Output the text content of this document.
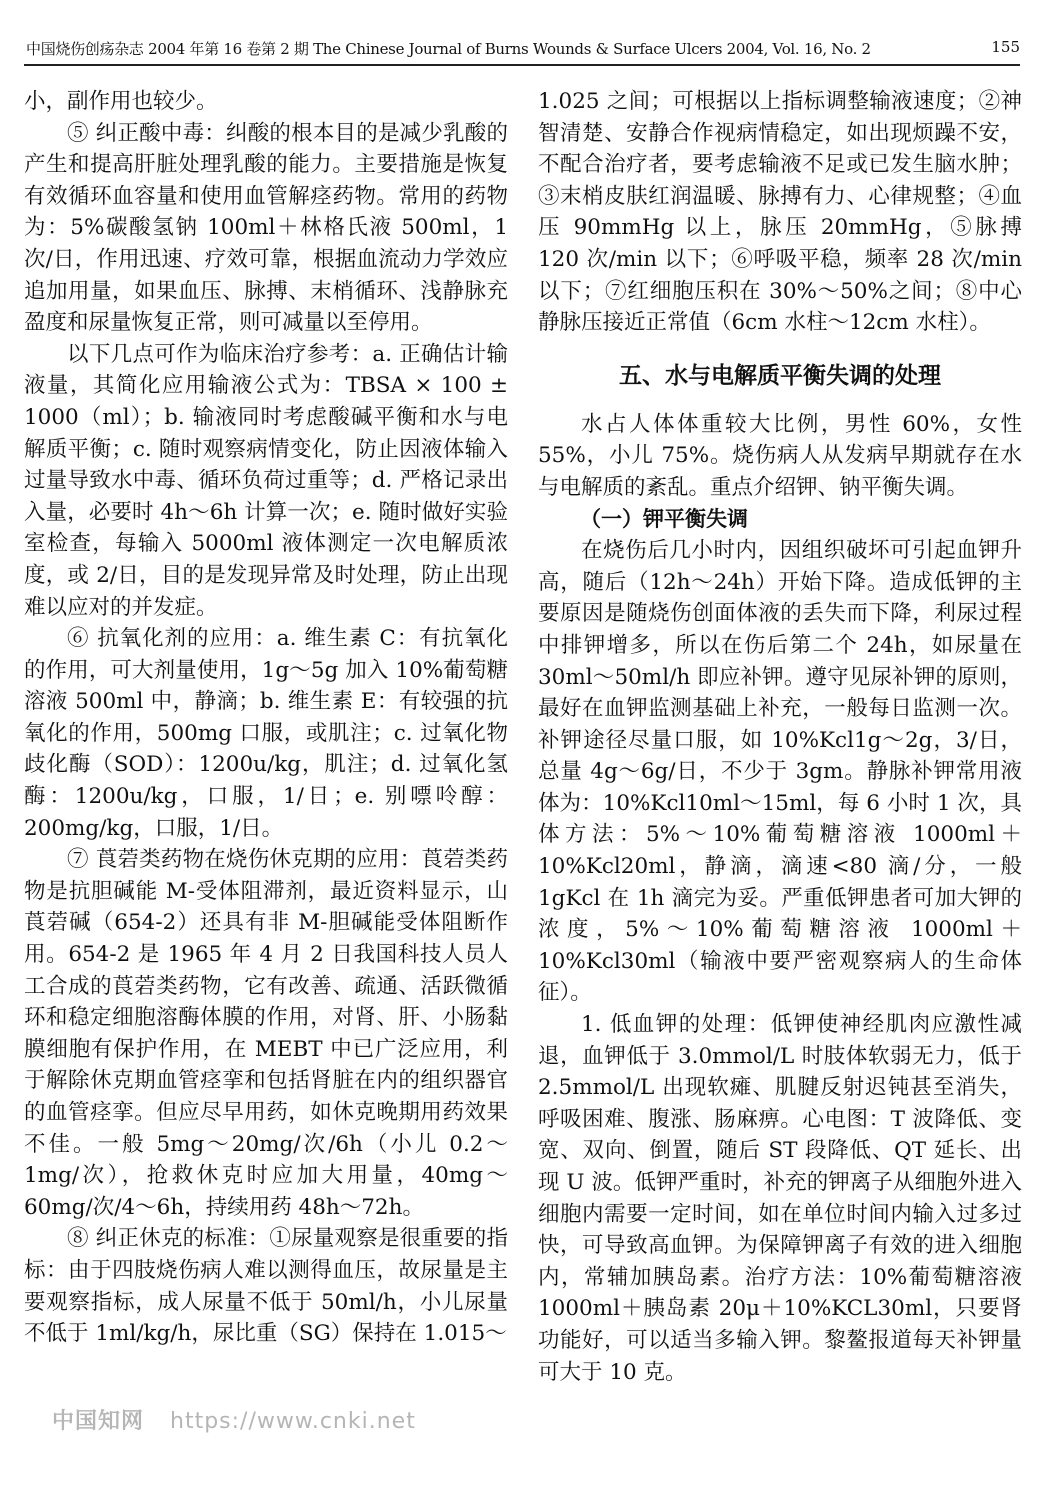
中国烧伤创疡杂志 2004 年第 16 卷第 2 期 The Chinese Journal of Burns Wounds & Surface Ulcers 2004, Vol. 16, No. 2	155

小，副作用也较少。

⑤ 纠正酸中毒：纠酸的根本目的是减少乳酸的产生和提高肝脏处理乳酸的能力。主要措施是恢复有效循环血容量和使用血管解痉药物。常用的药物为：5%碳酸氢钠 100ml＋林格氏液 500ml，1 次/日，作用迅速、疗效可靠，根据血流动力学效应追加用量，如果血压、脉搏、末梢循环、浅静脉充盈度和尿量恢复正常，则可减量以至停用。

以下几点可作为临床治疗参考：a. 正确估计输液量，其简化应用输液公式为：TBSA × 100 ± 1000（ml）；b. 输液同时考虑酸碱平衡和水与电解质平衡；c. 随时观察病情变化，防止因液体输入过量导致水中毒、循环负荷过重等；d. 严格记录出入量，必要时 4h～6h 计算一次；e. 随时做好实验室检查，每输入 5000ml 液体测定一次电解质浓度，或 2/日，目的是发现异常及时处理，防止出现难以应对的并发症。

⑥ 抗氧化剂的应用：a. 维生素 C：有抗氧化的作用，可大剂量使用，1g～5g 加入 10%葡萄糖溶液 500ml 中，静滴；b. 维生素 E：有较强的抗氧化的作用，500mg 口服，或肌注；c. 过氧化物歧化酶（SOD）：1200u/kg，肌注；d. 过氧化氢酶：1200u/kg，口服，1/日；e. 别嘌呤醇：200mg/kg，口服，1/日。

⑦ 莨菪类药物在烧伤休克期的应用：莨菪类药物是抗胆碱能 M-受体阻滞剂，最近资料显示，山莨菪碱（654-2）还具有非 M-胆碱能受体阻断作用。654-2 是 1965 年 4 月 2 日我国科技人员人工合成的莨菪类药物，它有改善、疏通、活跃微循环和稳定细胞溶酶体膜的作用，对肾、肝、小肠黏膜细胞有保护作用，在 MEBT 中已广泛应用，利于解除休克期血管痉挛和包括肾脏在内的组织器官的血管痉挛。但应尽早用药，如休克晚期用药效果不佳。一般 5mg～20mg/次/6h（小儿 0.2～1mg/次），抢救休克时应加大用量，40mg～60mg/次/4～6h，持续用药 48h～72h。

⑧ 纠正休克的标准：①尿量观察是很重要的指标：由于四肢烧伤病人难以测得血压，故尿量是主要观察指标，成人尿量不低于 50ml/h，小儿尿量不低于 1ml/kg/h，尿比重（SG）保持在 1.015～

1.025 之间；可根据以上指标调整输液速度；②神智清楚、安静合作视病情稳定，如出现烦躁不安，不配合治疗者，要考虑输液不足或已发生脑水肿；③末梢皮肤红润温暖、脉搏有力、心律规整；④血压 90mmHg 以上，脉压 20mmHg，⑤脉搏 120 次/min 以下；⑥呼吸平稳，频率 28 次/min 以下；⑦红细胞压积在 30%～50%之间；⑧中心静脉压接近正常值（6cm 水柱～12cm 水柱）。

五、水与电解质平衡失调的处理

水占人体体重较大比例，男性 60%，女性 55%，小儿 75%。烧伤病人从发病早期就存在水与电解质的紊乱。重点介绍钾、钠平衡失调。

（一）钾平衡失调

在烧伤后几小时内，因组织破坏可引起血钾升高，随后（12h～24h）开始下降。造成低钾的主要原因是随烧伤创面体液的丢失而下降，利尿过程中排钾增多，所以在伤后第二个 24h，如尿量在 30ml～50ml/h 即应补钾。遵守见尿补钾的原则，最好在血钾监测基础上补充，一般每日监测一次。补钾途径尽量口服，如 10%Kcl1g～2g，3/日，总量 4g～6g/日，不少于 3gm。静脉补钾常用液体为：10%Kcl10ml～15ml，每 6 小时 1 次，具体方法：5%～10%葡萄糖溶液 1000ml＋10%Kcl20ml，静滴，滴速<80 滴/分，一般 1gKcl 在 1h 滴完为妥。严重低钾患者可加大钾的浓度，5%～10%葡萄糖溶液 1000ml＋10%Kcl30ml（输液中要严密观察病人的生命体征）。

1. 低血钾的处理：低钾使神经肌肉应激性减退，血钾低于 3.0mmol/L 时肢体软弱无力，低于 2.5mmol/L 出现软瘫、肌腱反射迟钝甚至消失，呼吸困难、腹涨、肠麻痹。心电图：T 波降低、变宽、双向、倒置，随后 ST 段降低、QT 延长、出现 U 波。低钾严重时，补充的钾离子从细胞外进入细胞内需要一定时间，如在单位时间内输入过多过快，可导致高血钾。为保障钾离子有效的进入细胞内，常辅加胰岛素。治疗方法：10%葡萄糖溶液 1000ml＋胰岛素 20μ＋10%KCL30ml，只要肾功能好，可以适当多输入钾。黎鳌报道每天补钾量可大于 10 克。

中国知网 https://www.cnki.net
